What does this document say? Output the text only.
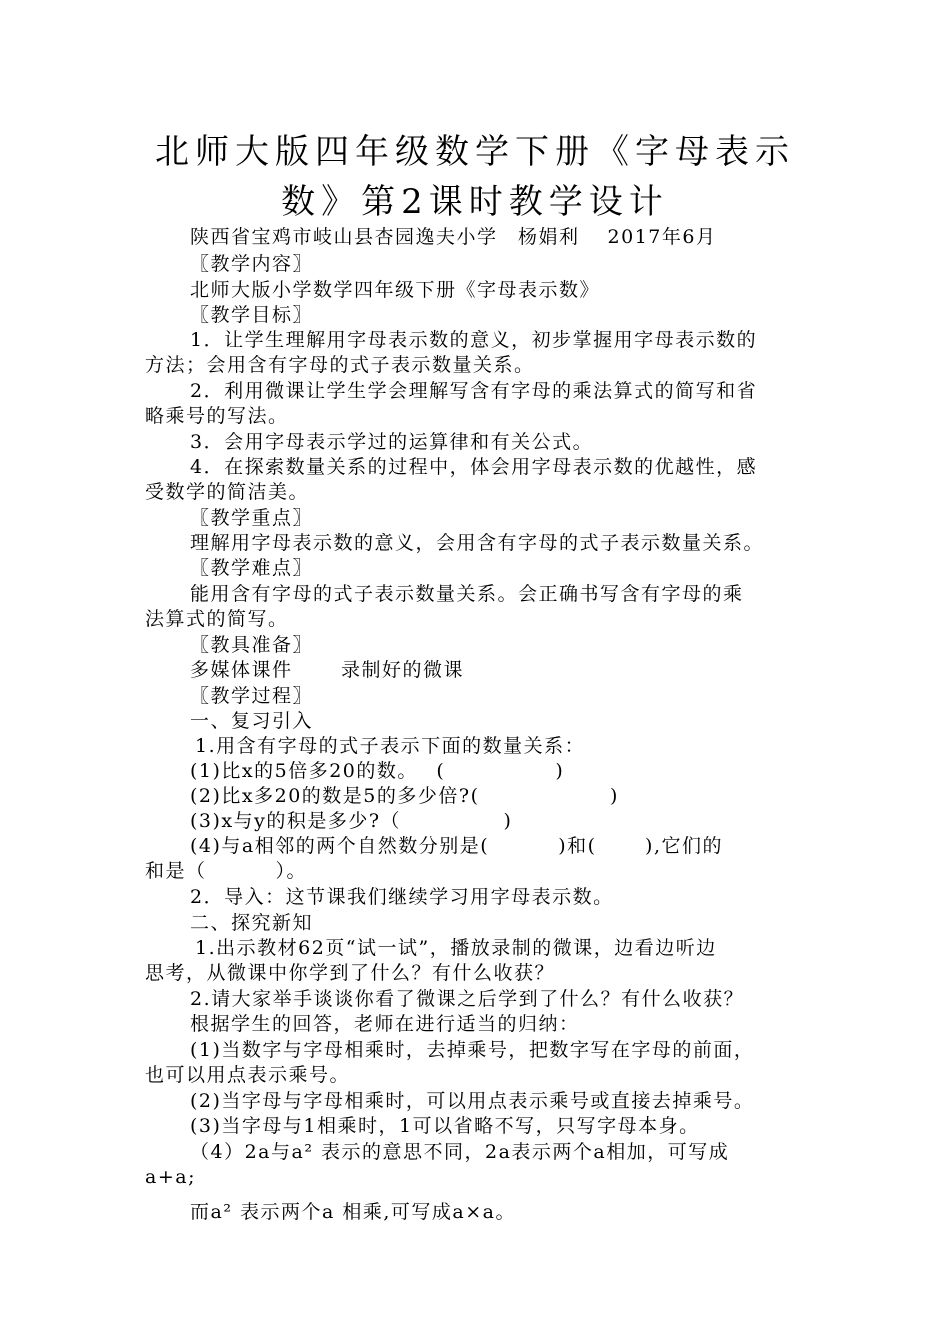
北师大版四年级数学下册《字母表示
数》第2课时教学设计
陕西省宝鸡市岐山县杏园逸夫小学　杨娟利　 2017年6月
〖教学内容〗
北师大版小学数学四年级下册《字母表示数》
〖教学目标〗
1．让学生理解用字母表示数的意义，初步掌握用字母表示数的
方法；会用含有字母的式子表示数量关系。
2．利用微课让学生学会理解写含有字母的乘法算式的简写和省
略乘号的写法。
3．会用字母表示学过的运算律和有关公式。
4．在探索数量关系的过程中，体会用字母表示数的优越性，感
受数学的简洁美。
〖教学重点〗
理解用字母表示数的意义，会用含有字母的式子表示数量关系。
〖教学难点〗
能用含有字母的式子表示数量关系。会正确书写含有字母的乘
法算式的简写。
〖教具准备〗
多媒体课件　　 录制好的微课
〖教学过程〗
一、复习引入
1.用含有字母的式子表示下面的数量关系：
(1)比x的5倍多20的数。　 (　　　　　 )
(2)比x多20的数是5的多少倍?(　　　　　　 )
(3)x与y的积是多少?（　　　　　)
(4)与a相邻的两个自然数分别是(　　　 )和(　　 ),它们的
和是（　　　 ）。
2．导入：这节课我们继续学习用字母表示数。
二、探究新知
1.出示教材62页“试一试”，播放录制的微课，边看边听边
思考，从微课中你学到了什么？有什么收获？
2.请大家举手谈谈你看了微课之后学到了什么？有什么收获？
根据学生的回答，老师在进行适当的归纳：
(1)当数字与字母相乘时，去掉乘号，把数字写在字母的前面，
也可以用点表示乘号。
(2)当字母与字母相乘时，可以用点表示乘号或直接去掉乘号。
(3)当字母与1相乘时，1可以省略不写，只写字母本身。
（4）2a与a² 表示的意思不同，2a表示两个a相加，可写成
a+a;
而a² 表示两个a 相乘,可写成a×a。
